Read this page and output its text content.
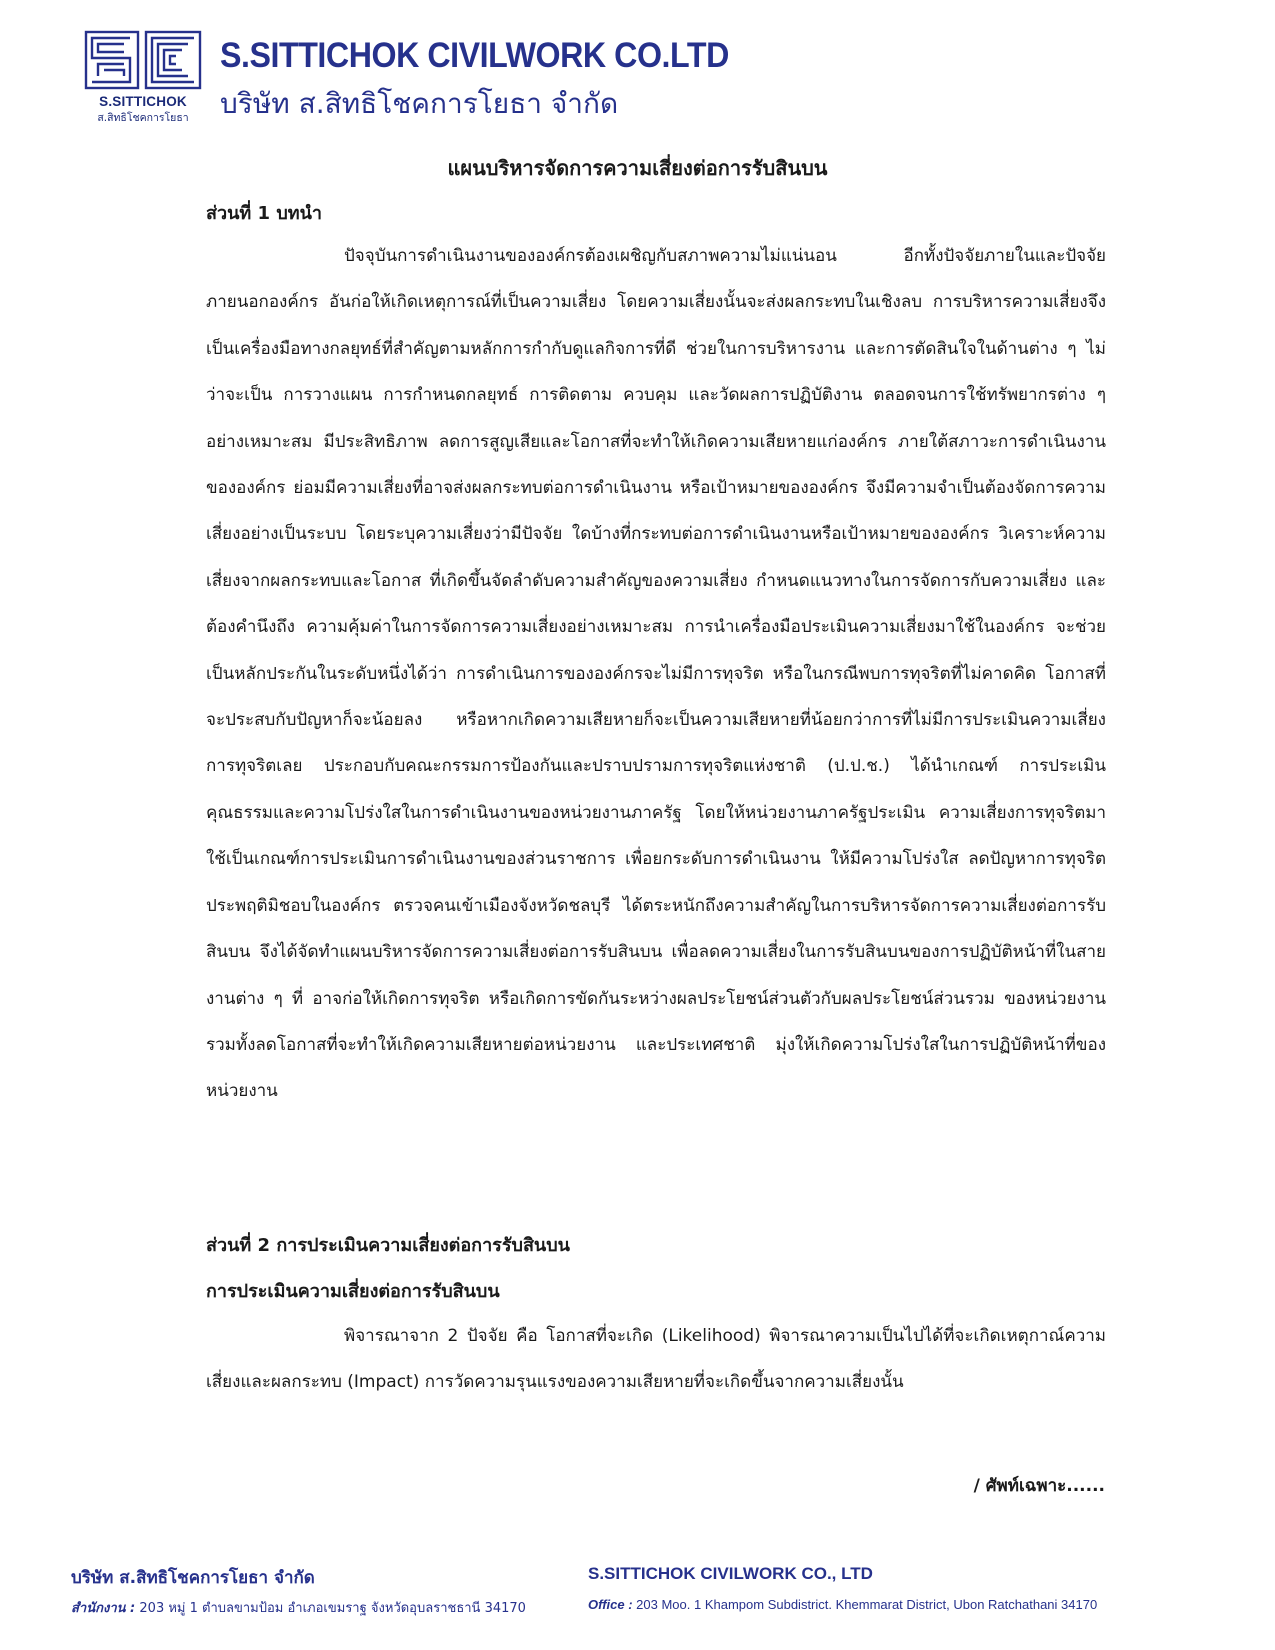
S.SITTICHOK
ส.สิทธิโชคการโยธา
S.SITTICHOK CIVILWORK CO.LTD
บริษัท ส.สิทธิโชคการโยธา จำกัด
แผนบริหารจัดการความเสี่ยงต่อการรับสินบน
ส่วนที่ 1 บทนำ
ปัจจุบันการดำเนินงานขององค์กรต้องเผชิญกับสภาพความไม่แน่นอน อีกทั้งปัจจัยภายในและปัจจัยภายนอกองค์กร อันก่อให้เกิดเหตุการณ์ที่เป็นความเสี่ยง โดยความเสี่ยงนั้นจะส่งผลกระทบในเชิงลบ การบริหารความเสี่ยงจึงเป็นเครื่องมือทางกลยุทธ์ที่สำคัญตามหลักการกำกับดูแลกิจการที่ดี ช่วยในการบริหารงาน และการตัดสินใจในด้านต่าง ๆ ไม่ว่าจะเป็น การวางแผน การกำหนดกลยุทธ์ การติดตาม ควบคุม และวัดผลการปฏิบัติงาน ตลอดจนการใช้ทรัพยากรต่าง ๆ อย่างเหมาะสม มีประสิทธิภาพ ลดการสูญเสียและโอกาสที่จะทำให้เกิดความเสียหายแก่องค์กร ภายใต้สภาวะการดำเนินงานขององค์กร ย่อมมีความเสี่ยงที่อาจส่งผลกระทบต่อการดำเนินงาน หรือเป้าหมายขององค์กร จึงมีความจำเป็นต้องจัดการความเสี่ยงอย่างเป็นระบบ โดยระบุความเสี่ยงว่ามีปัจจัย ใดบ้างที่กระทบต่อการดำเนินงานหรือเป้าหมายขององค์กร วิเคราะห์ความเสี่ยงจากผลกระทบและโอกาส ที่เกิดขึ้นจัดลำดับความสำคัญของความเสี่ยง กำหนดแนวทางในการจัดการกับความเสี่ยง และต้องคำนึงถึง ความคุ้มค่าในการจัดการความเสี่ยงอย่างเหมาะสม การนำเครื่องมือประเมินความเสี่ยงมาใช้ในองค์กร จะช่วยเป็นหลักประกันในระดับหนึ่งได้ว่า การดำเนินการขององค์กรจะไม่มีการทุจริต หรือในกรณีพบการทุจริตที่ไม่คาดคิด โอกาสที่จะประสบกับปัญหาก็จะน้อยลง หรือหากเกิดความเสียหายก็จะเป็นความเสียหายที่น้อยกว่าการที่ไม่มีการประเมินความเสี่ยง การทุจริตเลย ประกอบกับคณะกรรมการป้องกันและปราบปรามการทุจริตแห่งชาติ (ป.ป.ช.) ได้นำเกณฑ์ การประเมินคุณธรรมและความโปร่งใสในการดำเนินงานของหน่วยงานภาครัฐ โดยให้หน่วยงานภาครัฐประเมิน ความเสี่ยงการทุจริตมาใช้เป็นเกณฑ์การประเมินการดำเนินงานของส่วนราชการ เพื่อยกระดับการดำเนินงาน ให้มีความโปร่งใส ลดปัญหาการทุจริตประพฤติมิชอบในองค์กร ตรวจคนเข้าเมืองจังหวัดชลบุรี ได้ตระหนักถึงความสำคัญในการบริหารจัดการความเสี่ยงต่อการรับสินบน จึงได้จัดทำแผนบริหารจัดการความเสี่ยงต่อการรับสินบน เพื่อลดความเสี่ยงในการรับสินบนของการปฏิบัติหน้าที่ในสายงานต่าง ๆ ที่ อาจก่อให้เกิดการทุจริต หรือเกิดการขัดกันระหว่างผลประโยชน์ส่วนตัวกับผลประโยชน์ส่วนรวม ของหน่วยงาน รวมทั้งลดโอกาสที่จะทำให้เกิดความเสียหายต่อหน่วยงาน และประเทศชาติ มุ่งให้เกิดความโปร่งใสในการปฏิบัติหน้าที่ของหน่วยงาน
ส่วนที่ 2 การประเมินความเสี่ยงต่อการรับสินบน
การประเมินความเสี่ยงต่อการรับสินบน
พิจารณาจาก 2 ปัจจัย คือ โอกาสที่จะเกิด (Likelihood) พิจารณาความเป็นไปได้ที่จะเกิดเหตุกาณ์ความเสี่ยงและผลกระทบ (Impact) การวัดความรุนแรงของความเสียหายที่จะเกิดขึ้นจากความเสี่ยงนั้น
/ ศัพท์เฉพาะ......
บริษัท ส.สิทธิโชคการโยธา จำกัด
สำนักงาน : 203 หมู่ 1 ตำบลขามป้อม อำเภอเขมราฐ จังหวัดอุบลราชธานี 34170
S.SITTICHOK CIVILWORK CO., LTD
Office : 203 Moo. 1 Khampom Subdistrict. Khemmarat District, Ubon Ratchathani 34170
